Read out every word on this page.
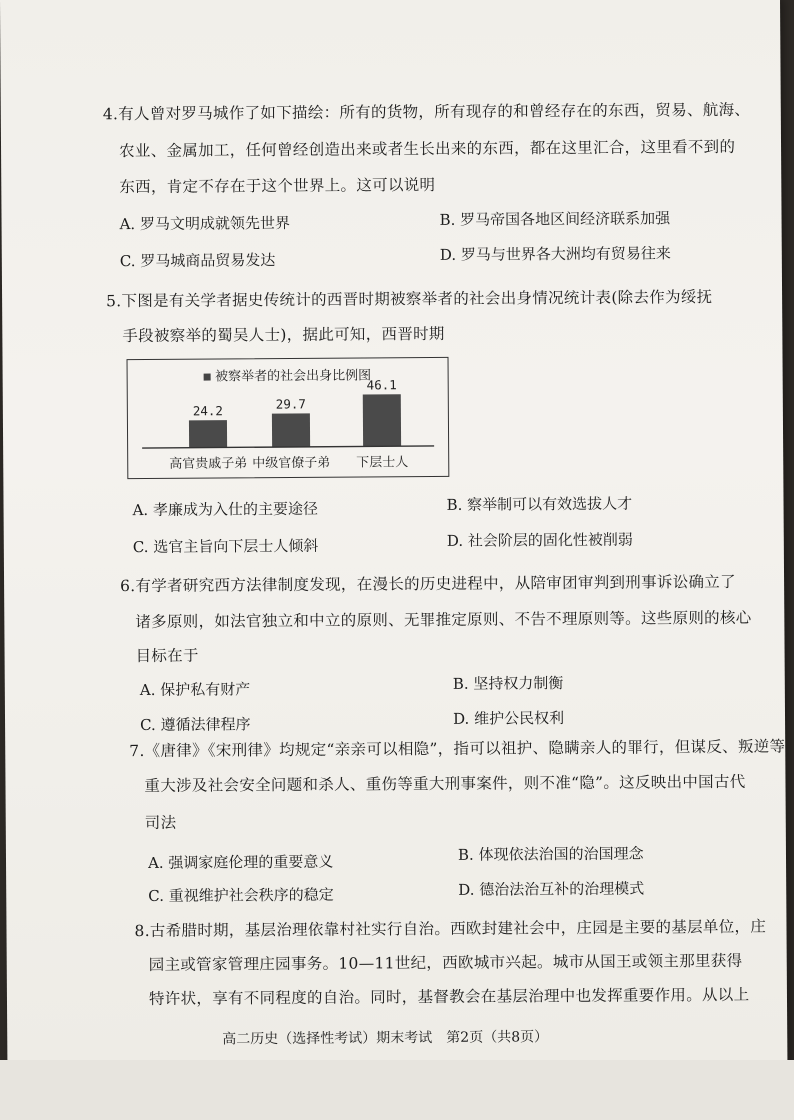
4.有人曾对罗马城作了如下描绘：所有的货物，所有现存的和曾经存在的东西，贸易、航海、
农业、金属加工，任何曾经创造出来或者生长出来的东西，都在这里汇合，这里看不到的
东西，肯定不存在于这个世界上。这可以说明
A. 罗马文明成就领先世界	B. 罗马帝国各地区间经济联系加强
C. 罗马城商品贸易发达	D. 罗马与世界各大洲均有贸易往来
5.下图是有关学者据史传统计的西晋时期被察举者的社会出身情况统计表(除去作为绥抚
手段被察举的蜀吴人士)，据此可知，西晋时期
被察举者的社会出身比例图
24.2
高官贵戚子弟
29.7
中级官僚子弟
46.1
下层士人
A. 孝廉成为入仕的主要途径	B. 察举制可以有效选拔人才
C. 选官主旨向下层士人倾斜	D. 社会阶层的固化性被削弱
6.有学者研究西方法律制度发现，在漫长的历史进程中，从陪审团审判到刑事诉讼确立了
诸多原则，如法官独立和中立的原则、无罪推定原则、不告不理原则等。这些原则的核心
目标在于
A. 保护私有财产	B. 坚持权力制衡
C. 遵循法律程序	D. 维护公民权利
7.《唐律》《宋刑律》均规定“亲亲可以相隐”，指可以祖护、隐瞒亲人的罪行，但谋反、叛逆等
重大涉及社会安全问题和杀人、重伤等重大刑事案件，则不准“隐”。这反映出中国古代
司法
A. 强调家庭伦理的重要意义	B. 体现依法治国的治国理念
C. 重视维护社会秩序的稳定	D. 德治法治互补的治理模式
8.古希腊时期，基层治理依靠村社实行自治。西欧封建社会中，庄园是主要的基层单位，庄
园主或管家管理庄园事务。10—11世纪，西欧城市兴起。城市从国王或领主那里获得
特许状，享有不同程度的自治。同时，基督教会在基层治理中也发挥重要作用。从以上
高二历史（选择性考试）期末考试　第2页（共8页）
